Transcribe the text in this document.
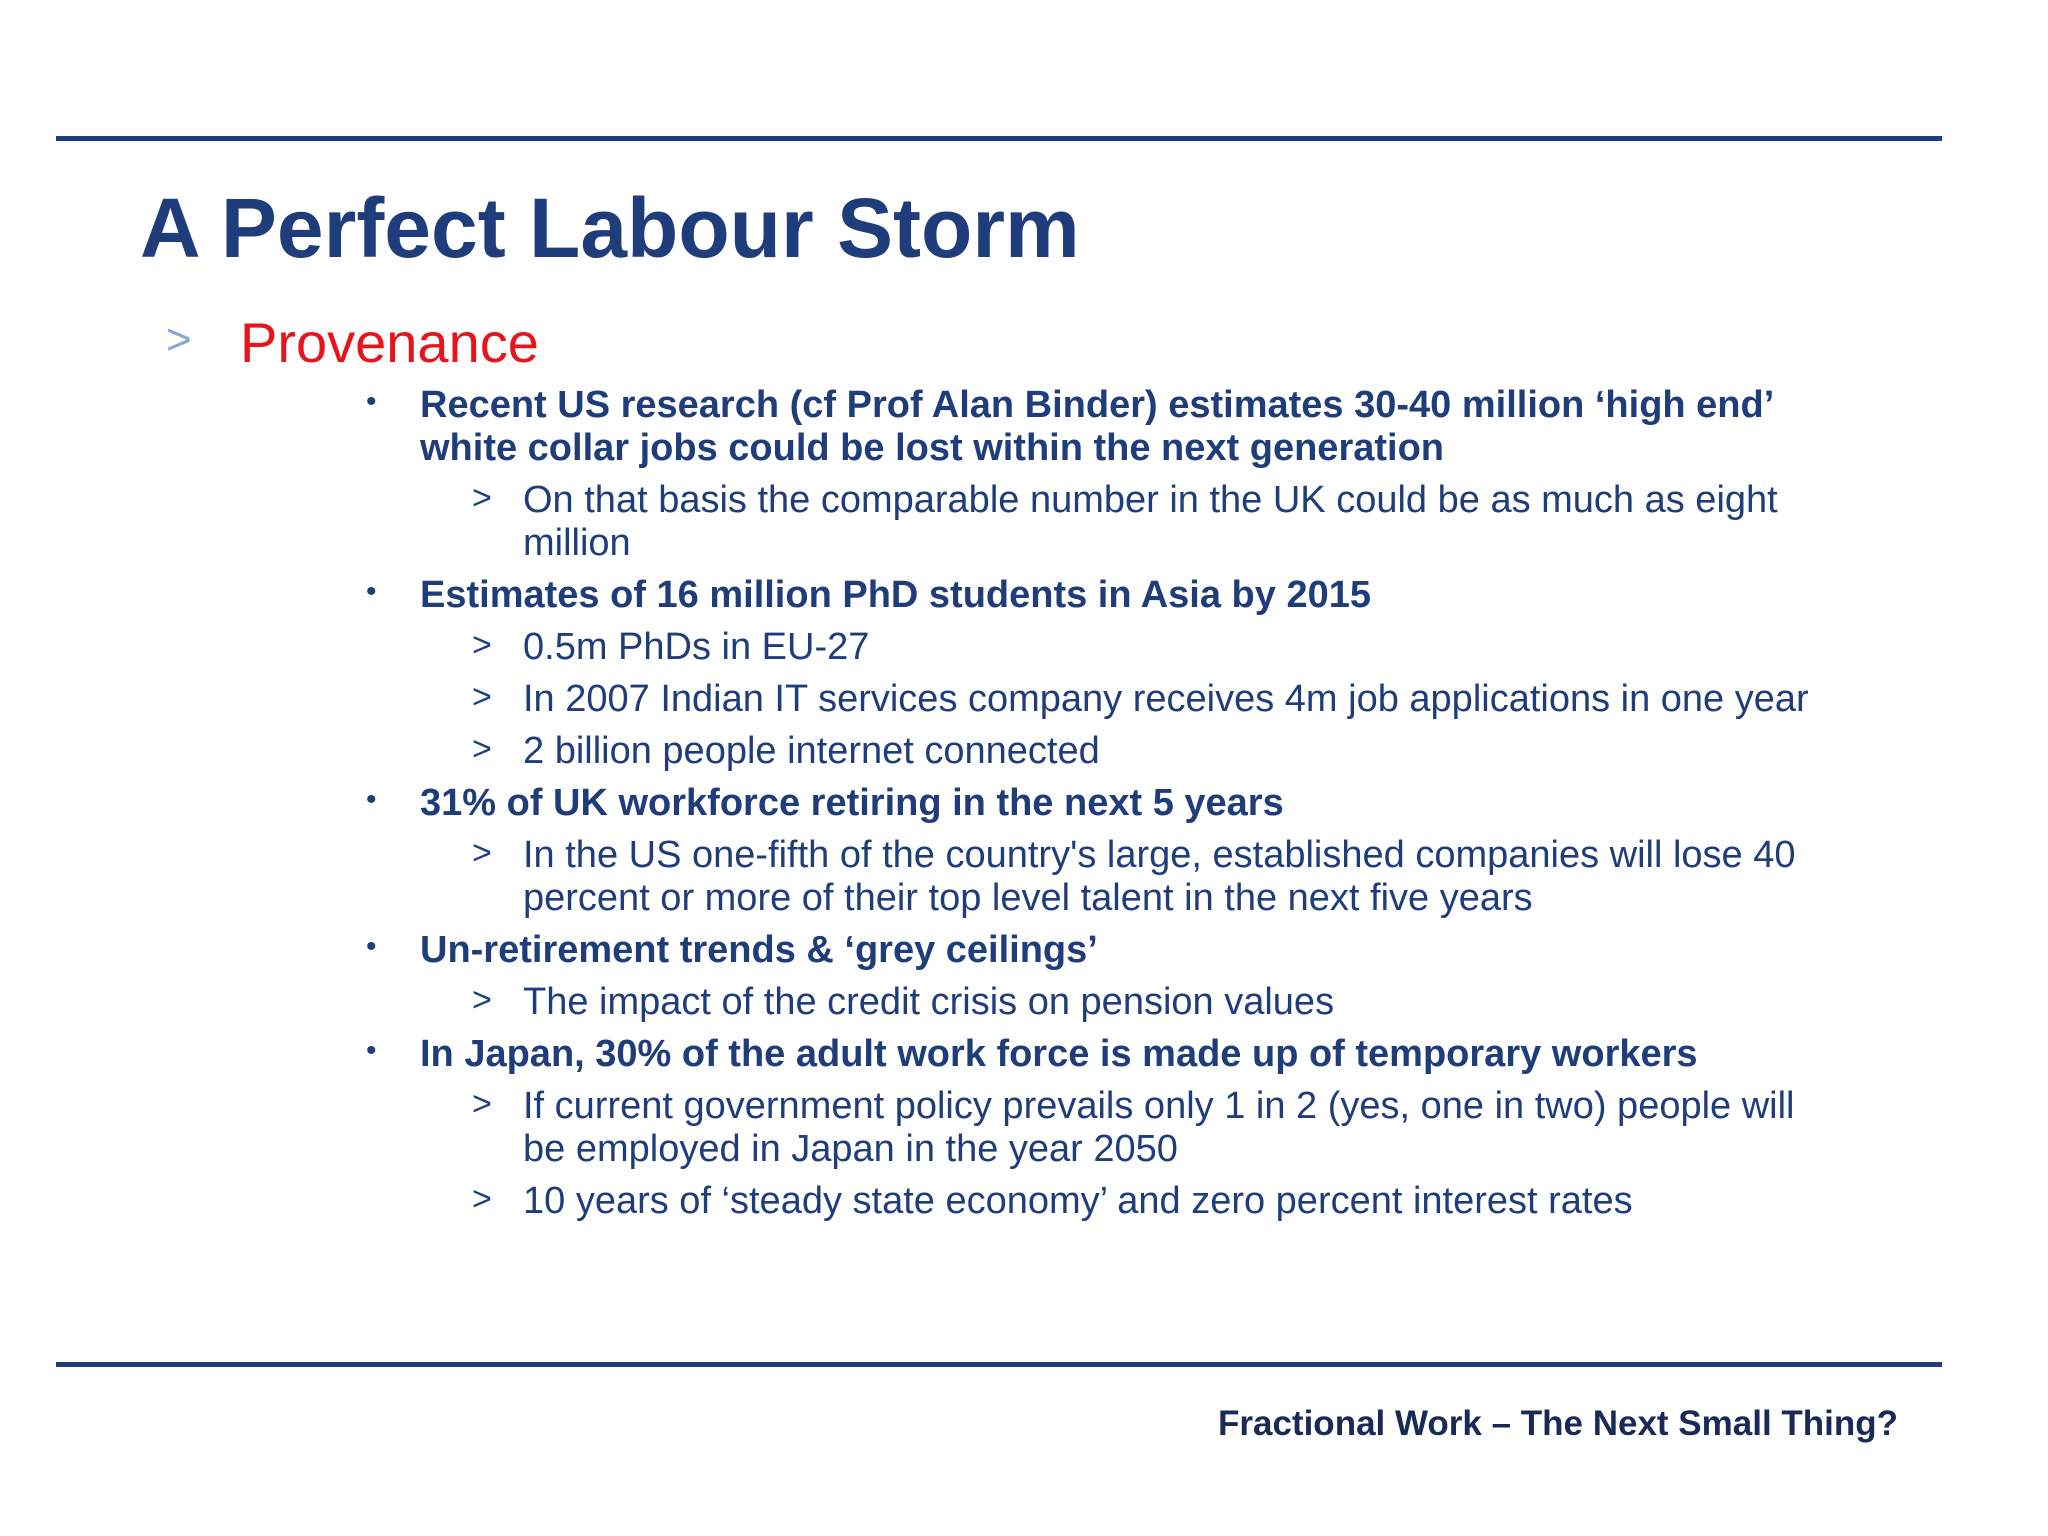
A Perfect Labour Storm
> Provenance
• Recent US research (cf Prof Alan Binder) estimates 30-40 million ‘high end’ white collar jobs could be lost within the next generation
> On that basis the comparable number in the UK could be as much as eight million
• Estimates of 16 million PhD students in Asia by 2015
> 0.5m PhDs in EU-27
> In 2007 Indian IT services company receives 4m job applications in one year
> 2 billion people internet connected
• 31% of UK workforce retiring in the next 5 years
> In the US one-fifth of the country's large, established companies will lose 40 percent or more of their top level talent in the next five years
• Un-retirement trends & ‘grey ceilings’
> The impact of the credit crisis on pension values
• In Japan, 30% of the adult work force is made up of temporary workers
> If current government policy prevails only 1 in 2 (yes, one in two) people will be employed in Japan in the year 2050
> 10 years of ‘steady state economy’ and zero percent interest rates
Fractional Work – The Next Small Thing?
